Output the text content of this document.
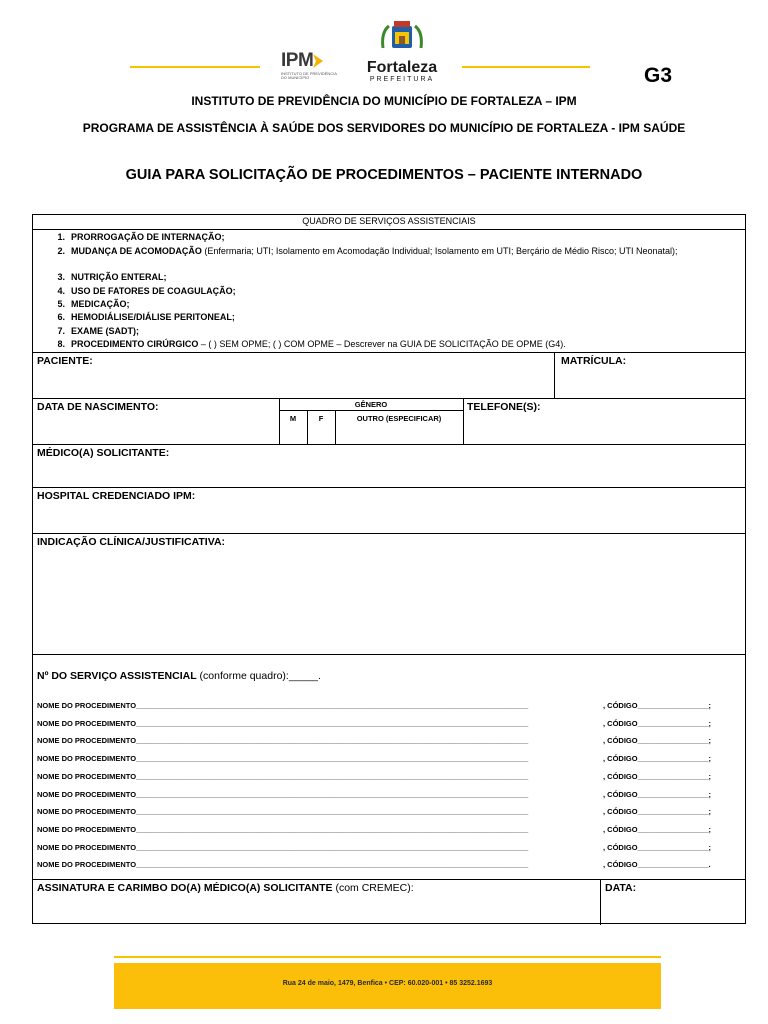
IPM
INSTITUTO DE PREVIDÊNCIA DO MUNICÍPIO
Fortaleza
PREFEITURA	G3
INSTITUTO DE PREVIDÊNCIA DO MUNICÍPIO DE FORTALEZA – IPM
PROGRAMA DE ASSISTÊNCIA À SAÚDE DOS SERVIDORES DO MUNICÍPIO DE FORTALEZA - IPM SAÚDE
GUIA PARA SOLICITAÇÃO DE PROCEDIMENTOS – PACIENTE INTERNADO
QUADRO DE SERVIÇOS ASSISTENCIAIS
1. PRORROGAÇÃO DE INTERNAÇÃO;
2. MUDANÇA DE ACOMODAÇÃO (Enfermaria; UTI; Isolamento em Acomodação Individual; Isolamento em UTI; Berçário de Médio Risco; UTI Neonatal);
3. NUTRIÇÃO ENTERAL;
4. USO DE FATORES DE COAGULAÇÃO;
5. MEDICAÇÃO;
6. HEMODIÁLISE/DIÁLISE PERITONEAL;
7. EXAME (SADT);
8. PROCEDIMENTO CIRÚRGICO – ( ) SEM OPME; ( ) COM OPME – Descrever na GUIA DE SOLICITAÇÃO DE OPME (G4).
PACIENTE:	MATRÍCULA:
DATA DE NASCIMENTO:	GÊNERO
M	F	OUTRO (ESPECIFICAR)
TELEFONE(S):
MÉDICO(A) SOLICITANTE:
HOSPITAL CREDENCIADO IPM:
INDICAÇÃO CLÍNICA/JUSTIFICATIVA:
Nº DO SERVIÇO ASSISTENCIAL (conforme quadro):_____.
NOME DO PROCEDIMENTO______________________________________________________________________________________________	, CÓDIGO_________________;
NOME DO PROCEDIMENTO______________________________________________________________________________________________	, CÓDIGO_________________;
NOME DO PROCEDIMENTO______________________________________________________________________________________________	, CÓDIGO_________________;
NOME DO PROCEDIMENTO______________________________________________________________________________________________	, CÓDIGO_________________;
NOME DO PROCEDIMENTO______________________________________________________________________________________________	, CÓDIGO_________________;
NOME DO PROCEDIMENTO______________________________________________________________________________________________	, CÓDIGO_________________;
NOME DO PROCEDIMENTO______________________________________________________________________________________________	, CÓDIGO_________________;
NOME DO PROCEDIMENTO______________________________________________________________________________________________	, CÓDIGO_________________;
NOME DO PROCEDIMENTO______________________________________________________________________________________________	, CÓDIGO_________________;
NOME DO PROCEDIMENTO______________________________________________________________________________________________	, CÓDIGO_________________.
ASSINATURA E CARIMBO DO(A) MÉDICO(A) SOLICITANTE (com CREMEC):	DATA:
Rua 24 de maio, 1479, Benfica • CEP: 60.020-001 • 85 3252.1693
